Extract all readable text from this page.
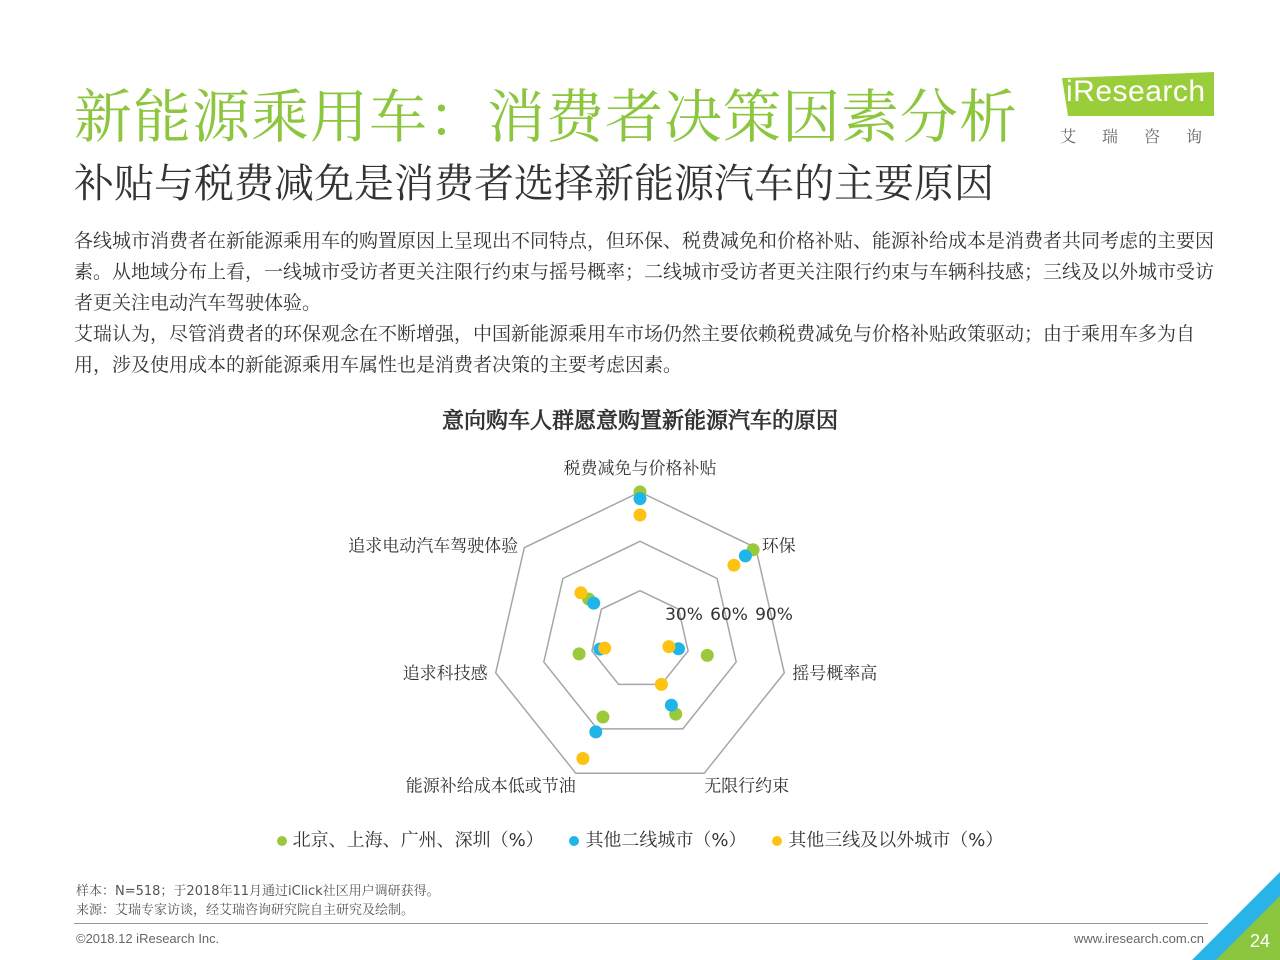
新能源乘用车：消费者决策因素分析
补贴与税费减免是消费者选择新能源汽车的主要原因
iResearch
艾瑞咨询

各线城市消费者在新能源乘用车的购置原因上呈现出不同特点，但环保、税费减免和价格补贴、能源补给成本是消费者共同考虑的主要因素。从地域分布上看，一线城市受访者更关注限行约束与摇号概率；二线城市受访者更关注限行约束与车辆科技感；三线及以外城市受访者更关注电动汽车驾驶体验。

艾瑞认为，尽管消费者的环保观念在不断增强，中国新能源乘用车市场仍然主要依赖税费减免与价格补贴政策驱动；由于乘用车多为自用，涉及使用成本的新能源乘用车属性也是消费者决策的主要考虑因素。

意向购车人群愿意购置新能源汽车的原因
30% 60% 90%
税费减免与价格补贴
环保
摇号概率高
无限行约束
能源补给成本低或节油
追求科技感
追求电动汽车驾驶体验
北京、上海、广州、深圳（%） 其他二线城市（%） 其他三线及以外城市（%）
样本：N=518；于2018年11月通过iClick社区用户调研获得。
来源：艾瑞专家访谈，经艾瑞咨询研究院自主研究及绘制。
©2018.12 iResearch Inc.	www.iresearch.com.cn	24
